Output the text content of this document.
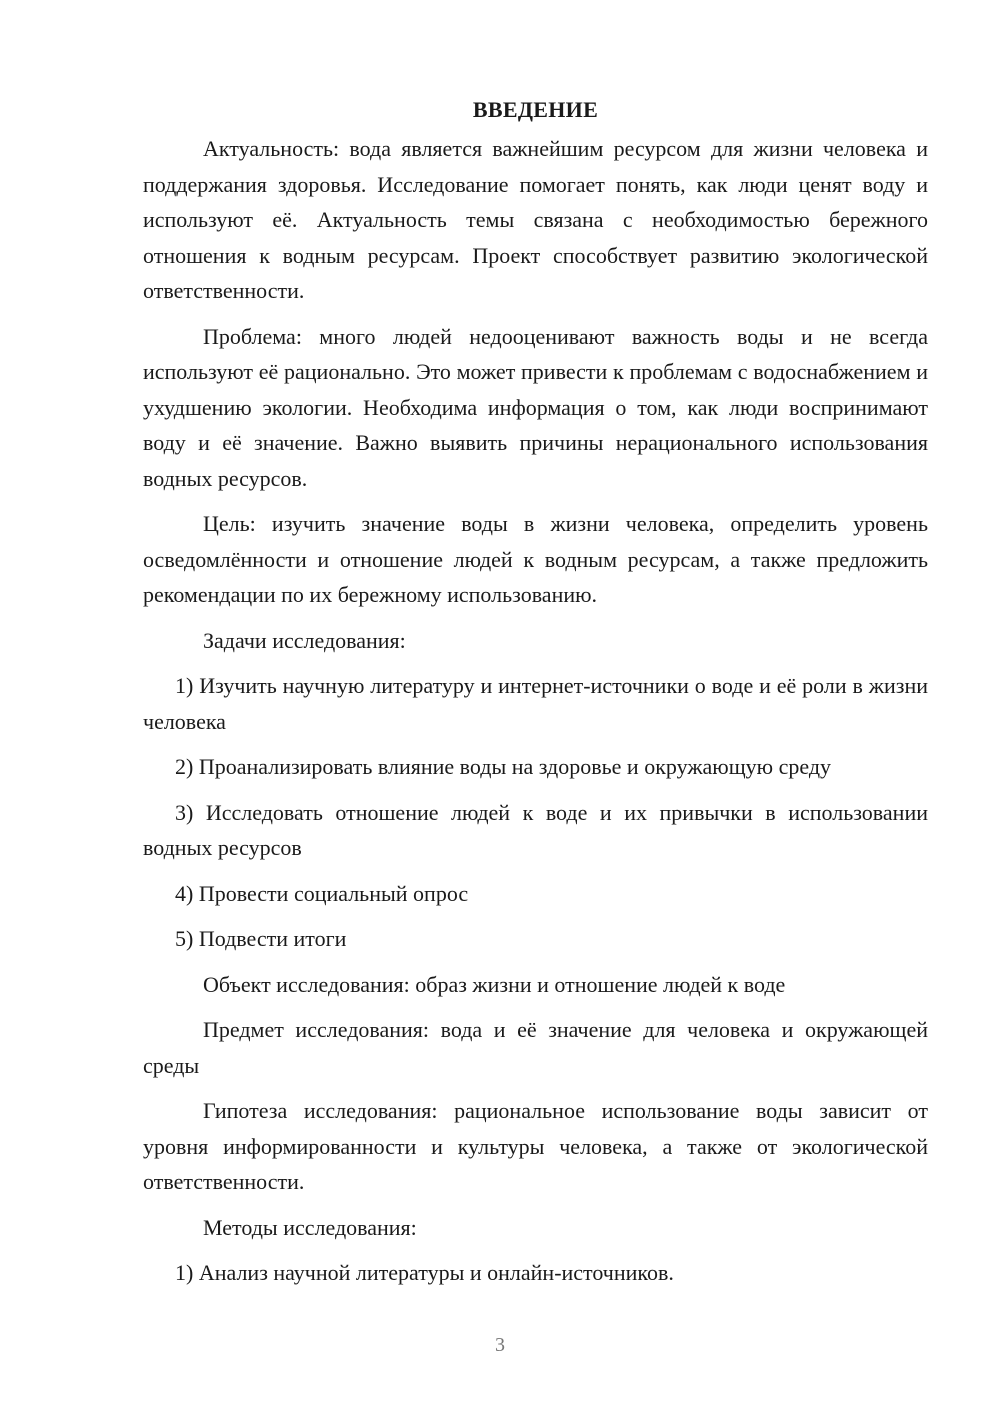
ВВЕДЕНИЕ

Актуальность: вода является важнейшим ресурсом для жизни человека и поддержания здоровья. Исследование помогает понять, как люди ценят воду и используют её. Актуальность темы связана с необходимостью бережного отношения к водным ресурсам. Проект способствует развитию экологической ответственности.

Проблема: много людей недооценивают важность воды и не всегда используют её рационально. Это может привести к проблемам с водоснабжением и ухудшению экологии. Необходима информация о том, как люди воспринимают воду и её значение. Важно выявить причины нерационального использования водных ресурсов.

Цель: изучить значение воды в жизни человека, определить уровень осведомлённости и отношение людей к водным ресурсам, а также предложить рекомендации по их бережному использованию.

Задачи исследования:

1) Изучить научную литературу и интернет-источники о воде и её роли в жизни человека

2) Проанализировать влияние воды на здоровье и окружающую среду

3) Исследовать отношение людей к воде и их привычки в использовании водных ресурсов

4) Провести социальный опрос

5) Подвести итоги

Объект исследования: образ жизни и отношение людей к воде

Предмет исследования: вода и её значение для человека и окружающей среды

Гипотеза исследования: рациональное использование воды зависит от уровня информированности и культуры человека, а также от экологической ответственности.

Методы исследования:

1) Анализ научной литературы и онлайн-источников.

3
